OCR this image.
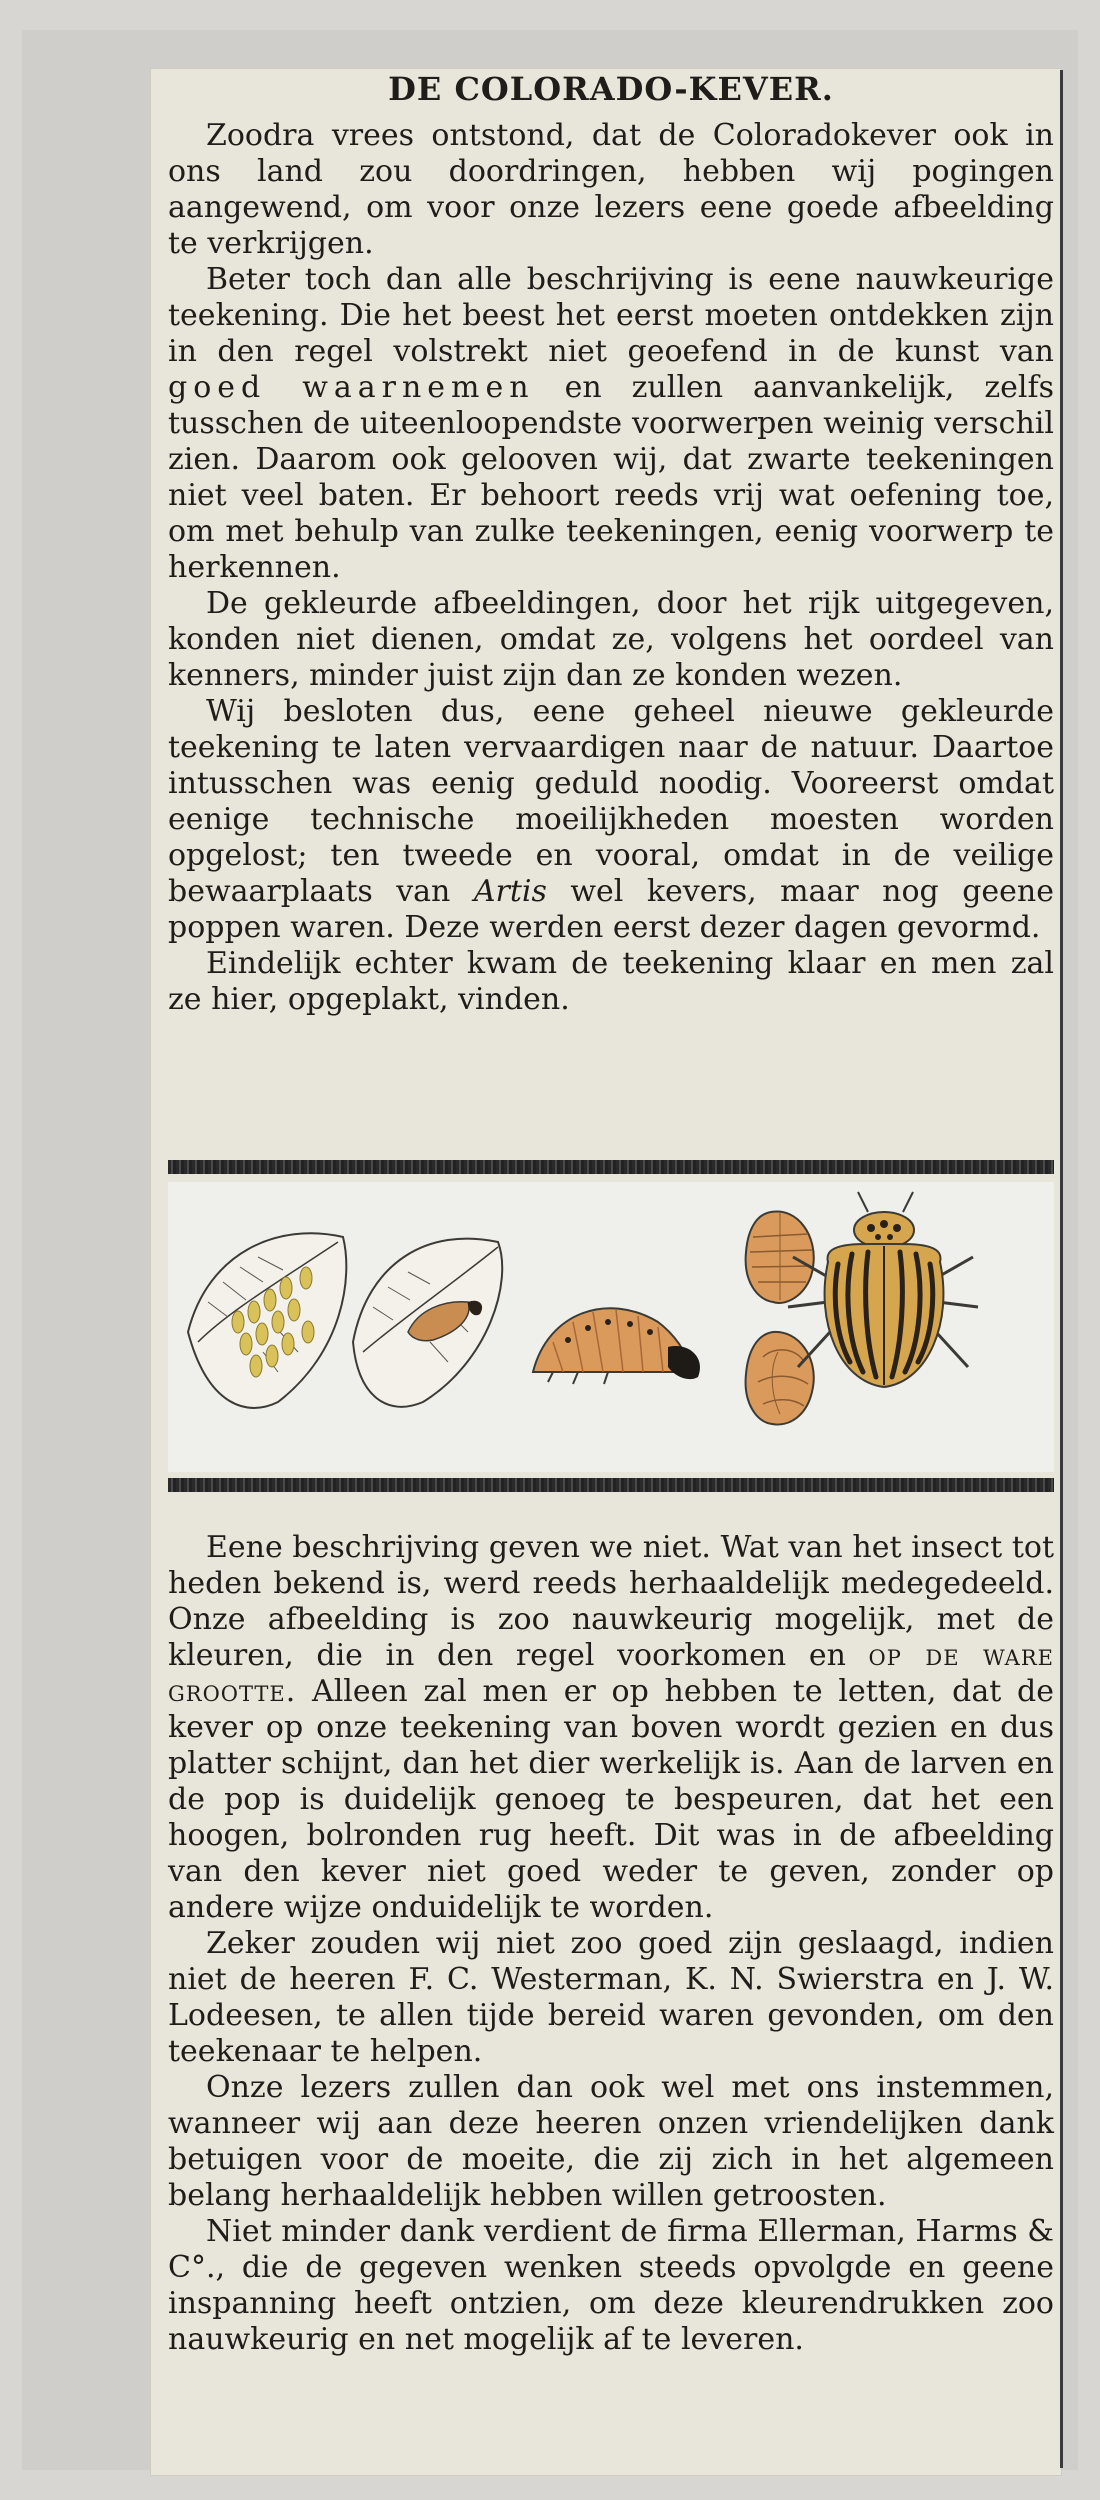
DE COLORADO-KEVER.

Zoodra vrees ontstond, dat de Coloradokever ook in ons land zou doordringen, hebben wij pogingen aangewend, om voor onze lezers eene goede afbeelding te verkrijgen.

Beter toch dan alle beschrijving is eene nauwkeurige teekening. Die het beest het eerst moeten ontdekken zijn in den regel volstrekt niet geoefend in de kunst van goed waarnemen en zullen aanvankelijk, zelfs tusschen de uiteenloopendste voorwerpen weinig verschil zien. Daarom ook gelooven wij, dat zwarte teekeningen niet veel baten. Er behoort reeds vrij wat oefening toe, om met behulp van zulke teekeningen, eenig voorwerp te herkennen.

De gekleurde afbeeldingen, door het rijk uitgegeven, konden niet dienen, omdat ze, volgens het oordeel van kenners, minder juist zijn dan ze konden wezen.

Wij besloten dus, eene geheel nieuwe gekleurde teekening te laten vervaardigen naar de natuur. Daartoe intusschen was eenig geduld noodig. Vooreerst omdat eenige technische moeilijkheden moesten worden opgelost; ten tweede en vooral, omdat in de veilige bewaarplaats van Artis wel kevers, maar nog geene poppen waren. Deze werden eerst dezer dagen gevormd.

Eindelijk echter kwam de teekening klaar en men zal ze hier, opgeplakt, vinden.

Eene beschrijving geven we niet. Wat van het insect tot heden bekend is, werd reeds herhaaldelijk medegedeeld. Onze afbeelding is zoo nauwkeurig mogelijk, met de kleuren, die in den regel voorkomen en op de ware grootte. Alleen zal men er op hebben te letten, dat de kever op onze teekening van boven wordt gezien en dus platter schijnt, dan het dier werkelijk is. Aan de larven en de pop is duidelijk genoeg te bespeuren, dat het een hoogen, bolronden rug heeft. Dit was in de afbeelding van den kever niet goed weder te geven, zonder op andere wijze onduidelijk te worden.

Zeker zouden wij niet zoo goed zijn geslaagd, indien niet de heeren F. C. Westerman, K. N. Swierstra en J. W. Lodeesen, te allen tijde bereid waren gevonden, om den teekenaar te helpen.

Onze lezers zullen dan ook wel met ons instemmen, wanneer wij aan deze heeren onzen vriendelijken dank betuigen voor de moeite, die zij zich in het algemeen belang herhaaldelijk hebben willen getroosten.

Niet minder dank verdient de firma Ellerman, Harms & C°., die de gegeven wenken steeds opvolgde en geene inspanning heeft ontzien, om deze kleurendrukken zoo nauwkeurig en net mogelijk af te leveren.
